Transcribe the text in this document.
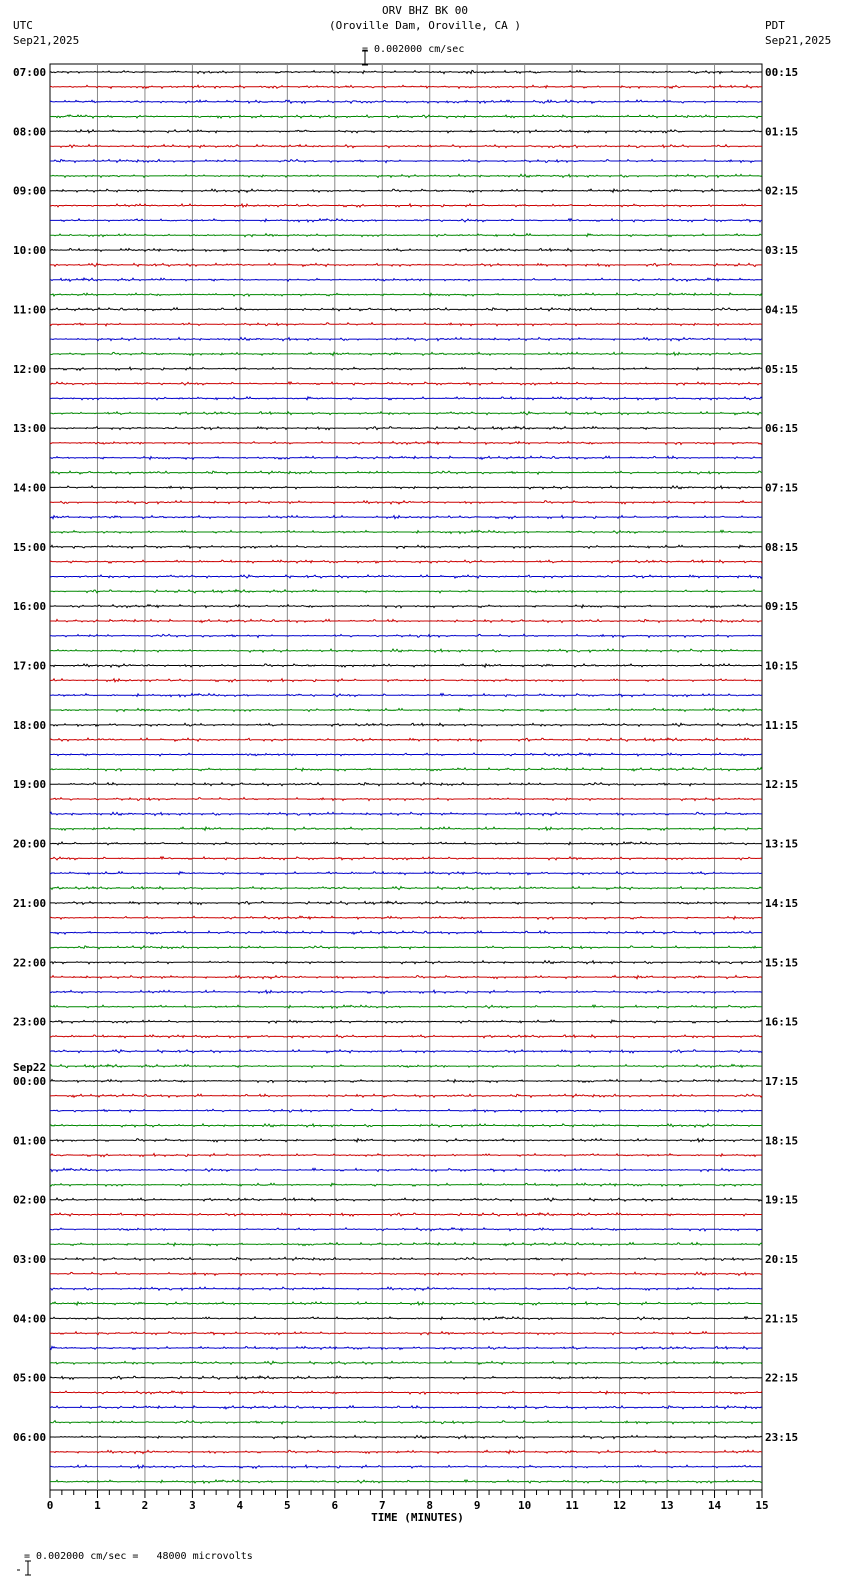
07:00	00:15
08:00	01:15
09:00	02:15
10:00	03:15
11:00	04:15
12:00	05:15
13:00	06:15
14:00	07:15
15:00	08:15
16:00	09:15
17:00	10:15
18:00	11:15
19:00	12:15
20:00	13:15
21:00	14:15
22:00	15:15
23:00	16:15
00:00	17:15
Sep22
01:00	18:15
02:00	19:15
03:00	20:15
04:00	21:15
05:00	22:15
06:00	23:15
0	1	2	3	4	5	6	7	8	9	10	11	12	13	14	15
ORV BHZ BK 00
(Oroville Dam, Oroville, CA )
UTC
Sep21,2025
PDT
Sep21,2025

= 0.002000 cm/sec
TIME (MINUTES)

= 0.002000 cm/sec =   48000 microvolts
